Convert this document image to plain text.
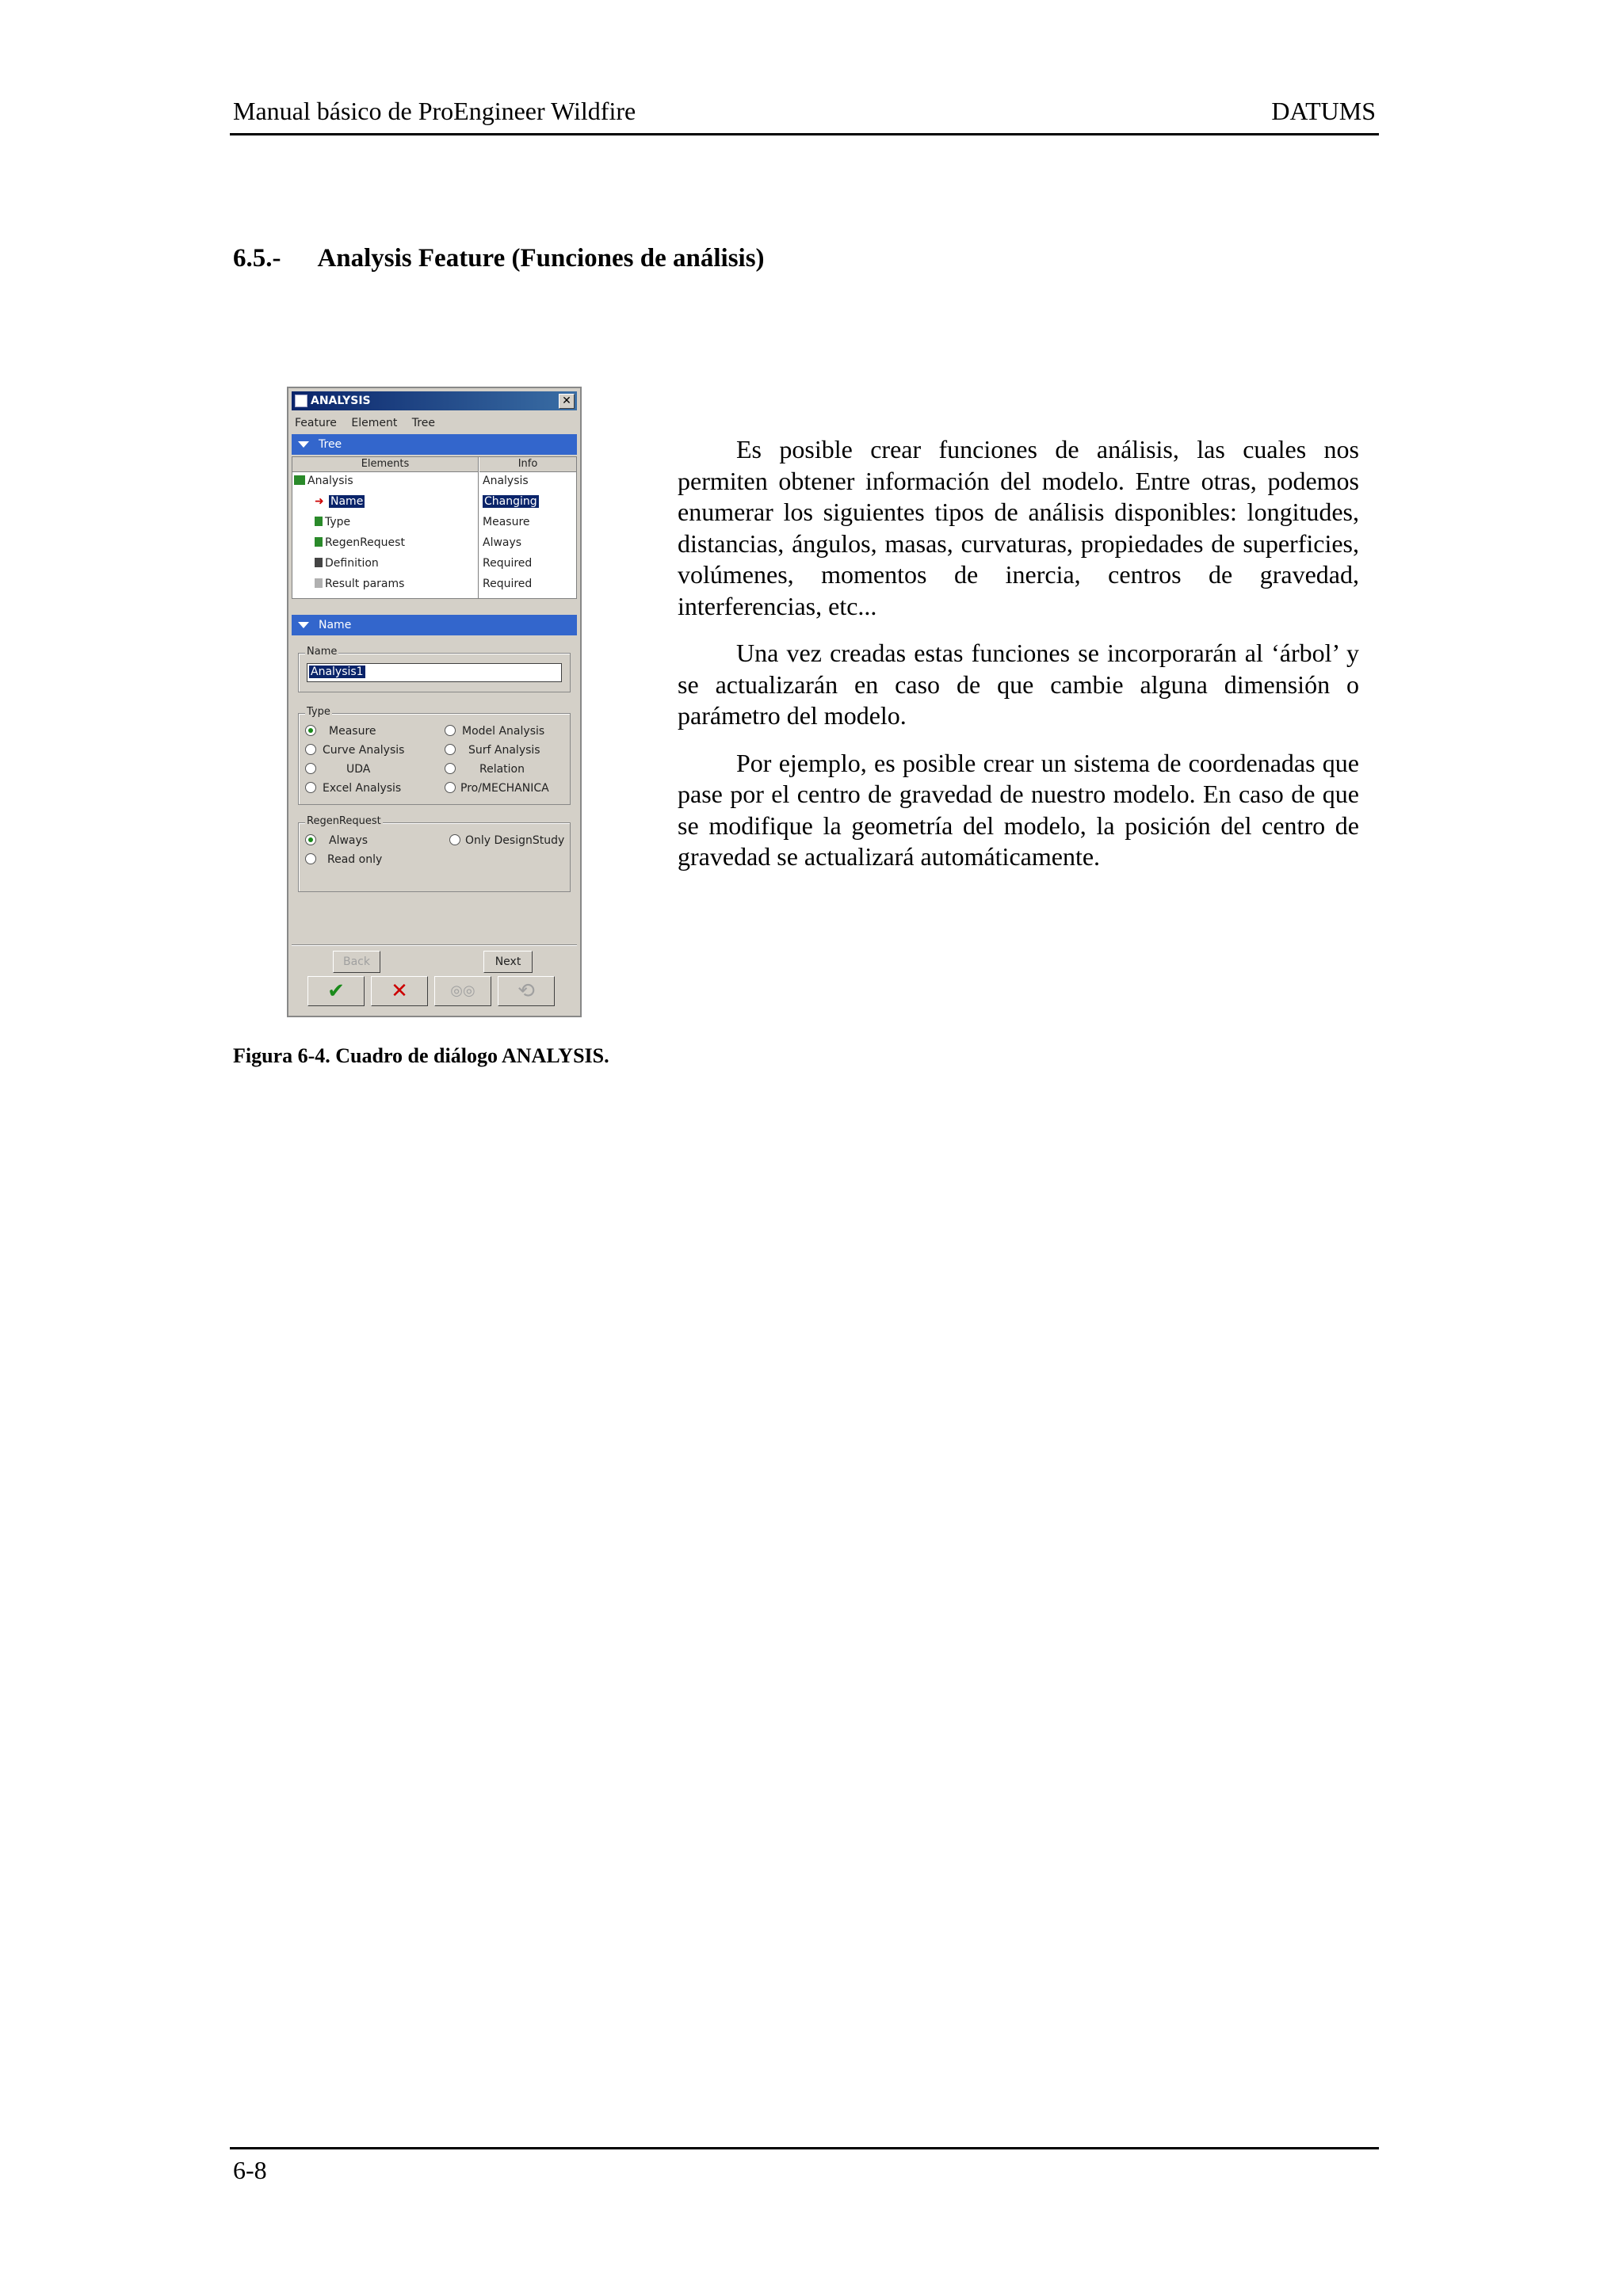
Manual básico de ProEngineer Wildfire	DATUMS
6.5.- Analysis Feature (Funciones de análisis)
ANALYSIS	✕
Feature Element Tree
Tree
Elements	Info
Analysis	Analysis
➜ Name	Changing
Type	Measure
RegenRequest	Always
Definition	Required
Result params	Required
Name
Name
Analysis1
Type
Measure	Model Analysis
Curve Analysis	Surf Analysis
UDA	Relation
Excel Analysis	Pro/MECHANICA
RegenRequest
Always	Only DesignStudy
Read only
Back	Next
✔	✕	◎◎	⟲

Es posible crear funciones de análisis, las cuales nos permiten obtener información del modelo. Entre otras, podemos enumerar los siguientes tipos de análisis disponibles: longitudes, distancias, ángulos, masas, curvaturas, propiedades de superficies, volúmenes, momentos de inercia, centros de gravedad, interferencias, etc...

Una vez creadas estas funciones se incorporarán al ‘árbol’ y se actualizarán en caso de que cambie alguna dimensión o parámetro del modelo.

Por ejemplo, es posible crear un sistema de coordenadas que pase por el centro de gravedad de nuestro modelo. En caso de que se modifique la geometría del modelo, la posición del centro de gravedad se actualizará automáticamente.

Figura 6-4. Cuadro de diálogo ANALYSIS.
6-8
